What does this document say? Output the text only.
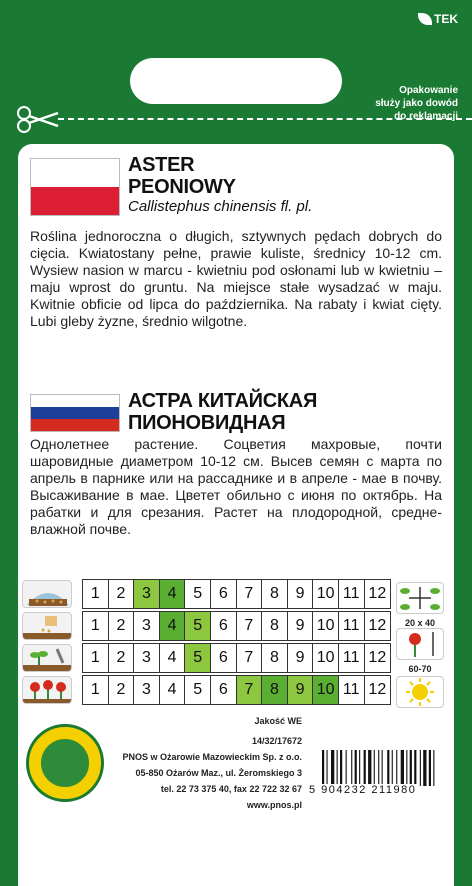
TEK
Opakowanie
służy jako dowód
do reklamacji
ASTER
PEONIOWY
Callistephus chinensis fl. pl.
Roślina jednoroczna o długich, sztywnych pędach dobrych do cięcia. Kwiatostany pełne, prawie kuliste, średnicy 10-12 cm. Wysiew nasion w marcu - kwietniu pod osłonami lub w kwietniu – maju wprost do gruntu. Na miejsce stałe wysadzać w maju. Kwitnie obficie od lipca do października. Na rabaty i kwiat cięty. Lubi gleby żyzne, średnio wilgotne.
АСТРА КИТАЙСКАЯ
ПИОНОВИДНАЯ
Однолетнее растение. Соцветия махровые, почти шаровидные диаметром 10-12 см. Высев семян с марта по апрель в парнике или на рассаднике и в апреле - мае в почву. Высаживание в мае. Цветет обильно с июня по октябрь. На рабатки и для срезания. Растет на плодородной, средне-влажной почве.
1	2	3	4	5	6	7	8	9 10 11 12
1	2	3	4	5	6	7	8	9 10 11 12
1	2	3	4	5	6	7	8	9 10 11 12
1	2	3	4	5	6	7	8	9 10 11 12
20 x 40
60-70
Jakość WE
14/32/17672
PNOS w Ożarowie Mazowieckim Sp. z o.o.
05-850 Ożarów Maz., ul. Żeromskiego 3
tel. 22 73 375 40, fax 22 722 32 67
www.pnos.pl
5 904232 211980
